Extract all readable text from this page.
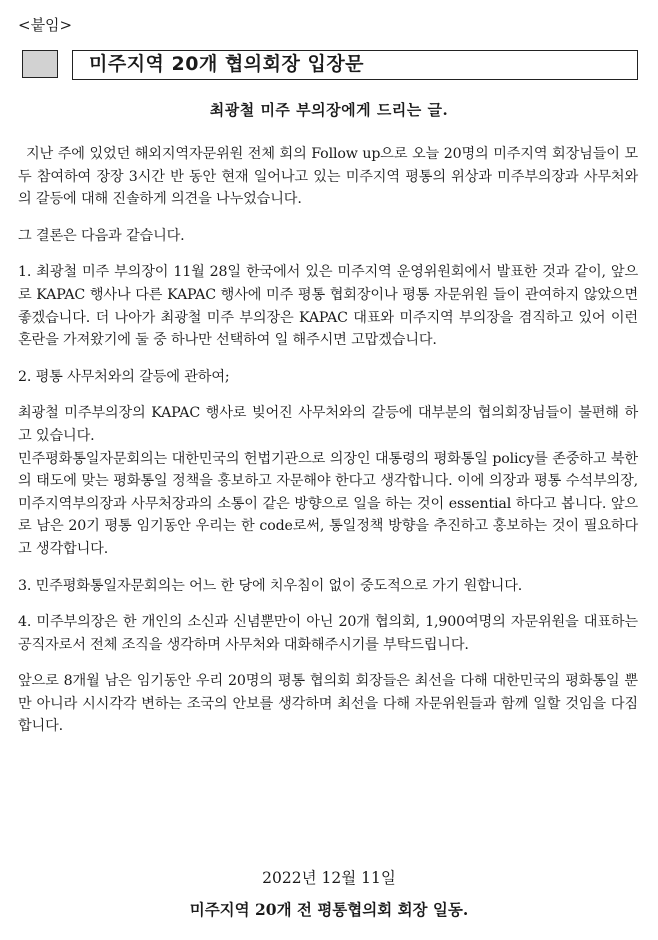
<붙임>
미주지역 20개 협의회장 입장문
최광철 미주 부의장에게 드리는 글.

지난 주에 있었던 해외지역자문위원 전체 회의 Follow up으로 오늘 20명의 미주지역 회장님들이 모두 참여하여 장장 3시간 반 동안 현재 일어나고 있는 미주지역 평통의 위상과 미주부의장과 사무처와의 갈등에 대해 진솔하게 의견을 나누었습니다.

그 결론은 다음과 같습니다.

1. 최광철 미주 부의장이 11월 28일 한국에서 있은 미주지역 운영위원회에서 발표한 것과 같이, 앞으로 KAPAC 행사나 다른 KAPAC 행사에 미주 평통 협회장이나 평통 자문위원 들이 관여하지 않았으면 좋겠습니다. 더 나아가 최광철 미주 부의장은 KAPAC 대표와 미주지역 부의장을 겸직하고 있어 이런 혼란을 가져왔기에 둘 중 하나만 선택하여 일 해주시면 고맙겠습니다.

2. 평통 사무처와의 갈등에 관하여;

최광철 미주부의장의 KAPAC 행사로 빚어진 사무처와의 갈등에 대부분의 협의회장님들이 불편해 하고 있습니다.

민주평화통일자문회의는 대한민국의 헌법기관으로 의장인 대통령의 평화통일 policy를 존중하고 북한의 태도에 맞는 평화통일 정책을 홍보하고 자문해야 한다고 생각합니다. 이에 의장과 평통 수석부의장, 미주지역부의장과 사무처장과의 소통이 같은 방향으로 일을 하는 것이 essential 하다고 봅니다. 앞으로 남은 20기 평통 임기동안 우리는 한 code로써, 통일정책 방향을 추진하고 홍보하는 것이 필요하다고 생각합니다.

3. 민주평화통일자문회의는 어느 한 당에 치우침이 없이 중도적으로 가기 원합니다.

4. 미주부의장은 한 개인의 소신과 신념뿐만이 아닌 20개 협의회, 1,900여명의 자문위원을 대표하는 공직자로서 전체 조직을 생각하며 사무처와 대화해주시기를 부탁드립니다.

앞으로 8개월 남은 임기동안 우리 20명의 평통 협의회 회장들은 최선을 다해 대한민국의 평화통일 뿐만 아니라 시시각각 변하는 조국의 안보를 생각하며 최선을 다해 자문위원들과 함께 일할 것임을 다짐합니다.

2022년 12월 11일
미주지역 20개 전 평통협의회 회장 일동.
